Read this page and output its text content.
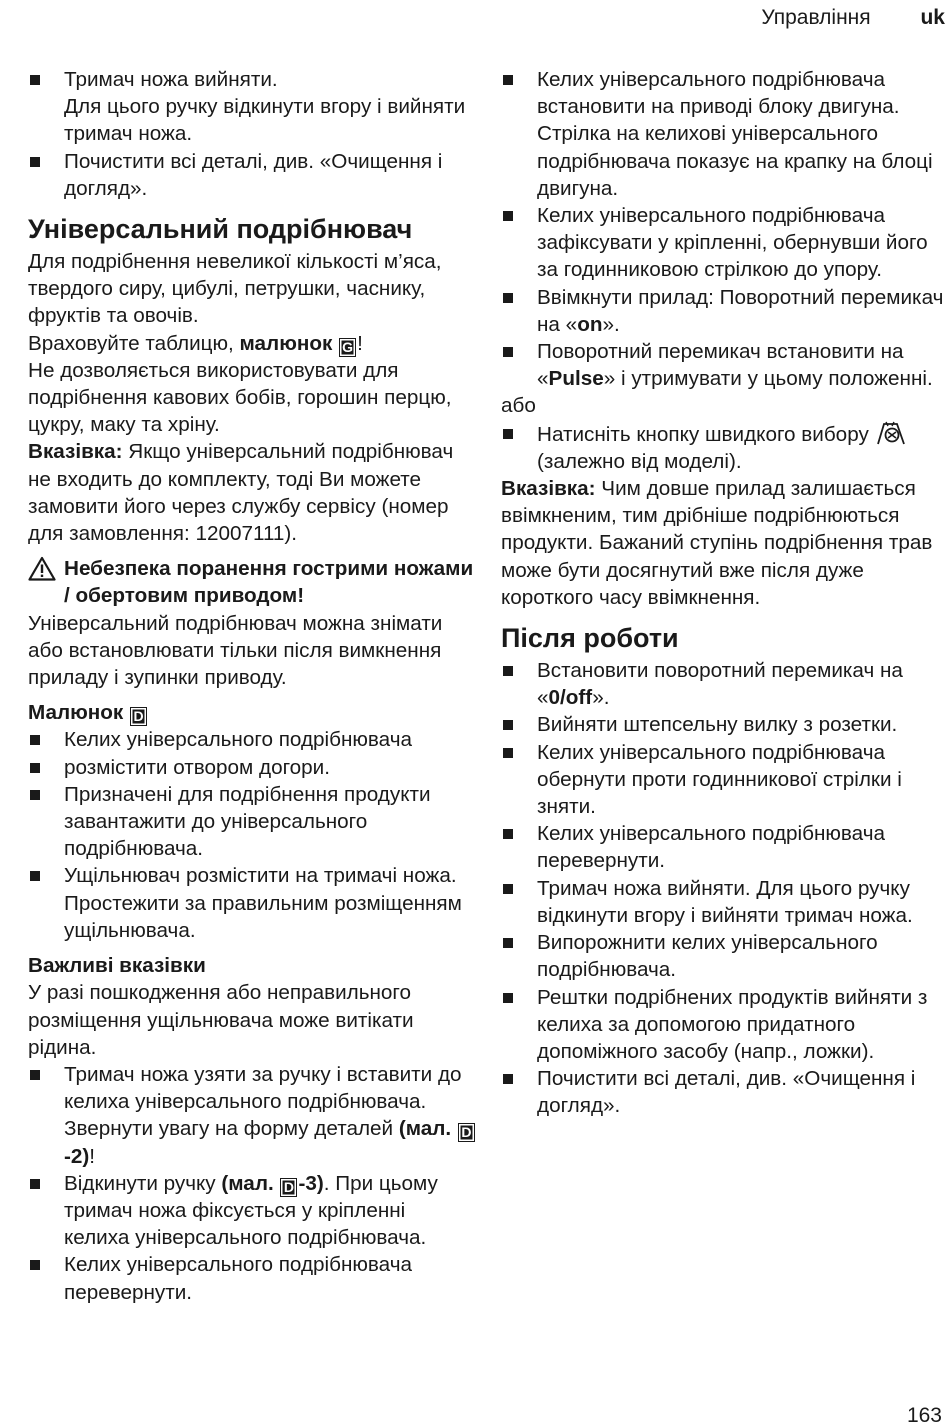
Управління uk
Тримач ножа вийняти.
Для цього ручку відкинути вгору і вийняти тримач ножа.
Почистити всі деталі, див. «Очищення і догляд».
Універсальний подрібнювач
Для подрібнення невеликої кількості м’яса, твердого сиру, цибулі, петрушки, часнику, фруктів та овочів.
Враховуйте таблицю, малюнок G !
Не дозволяється використовувати для подрібнення кавових бобів, горошин перцю, цукру, маку та хріну.
Вказівка: Якщо універсальний подрібнювач не входить до комплекту, тоді Ви можете замовити його через службу сервісу (номер для замовлення: 12007111).
Небезпека поранення гострими ножами / обертовим приводом!
Універсальний подрібнювач можна знімати або встановлювати тільки після вимкнення приладу і зупинки приводу.
Малюнок D
Келих універсального подрібнювача
розмістити отвором догори.
Призначені для подрібнення продукти завантажити до універсального подрібнювача.
Ущільнювач розмістити на тримачі ножа. Простежити за правильним розміщенням ущільнювача.
Важливі вказівки
У разі пошкодження або неправильного розміщення ущільнювача може витікати рідина.
Тримач ножа узяти за ручку і вставити до келиха універсального подрібнювача. Звернути увагу на форму деталей (мал. D-2)!
Відкинути ручку (мал. D -3). При цьому тримач ножа фіксується у кріпленні келиха універсального подрібнювача.
Келих універсального подрібнювача перевернути.
Келих універсального подрібнювача встановити на приводі блоку двигуна. Стрілка на келихові універсального подрібнювача показує на крапку на блоці двигуна.
Келих універсального подрібнювача зафіксувати у кріпленні, обернувши його за годинниковою стрілкою до упору.
Ввімкнути прилад: Поворотний перемикач на «on».
Поворотний перемикач встановити на «Pulse» і утримувати у цьому положенні.
або
Натисніть кнопку швидкого вибору
(залежно від моделі).
Вказівка: Чим довше прилад залишається ввімкненим, тим дрібніше подрібнюються продукти. Бажаний ступінь подрібнення трав може бути досягнутий вже після дуже короткого часу ввімкнення.
Після роботи
Встановити поворотний перемикач на «0/off».
Вийняти штепсельну вилку з розетки.
Келих універсального подрібнювача обернути проти годинникової стрілки і зняти.
Келих універсального подрібнювача перевернути.
Тримач ножа вийняти. Для цього ручку відкинути вгору і вийняти тримач ножа.
Випорожнити келих універсального подрібнювача.
Рештки подрібнених продуктів вийняти з келиха за допомогою придатного допоміжного засобу (напр., ложки).
Почистити всі деталі, див. «Очищення і догляд».
163
